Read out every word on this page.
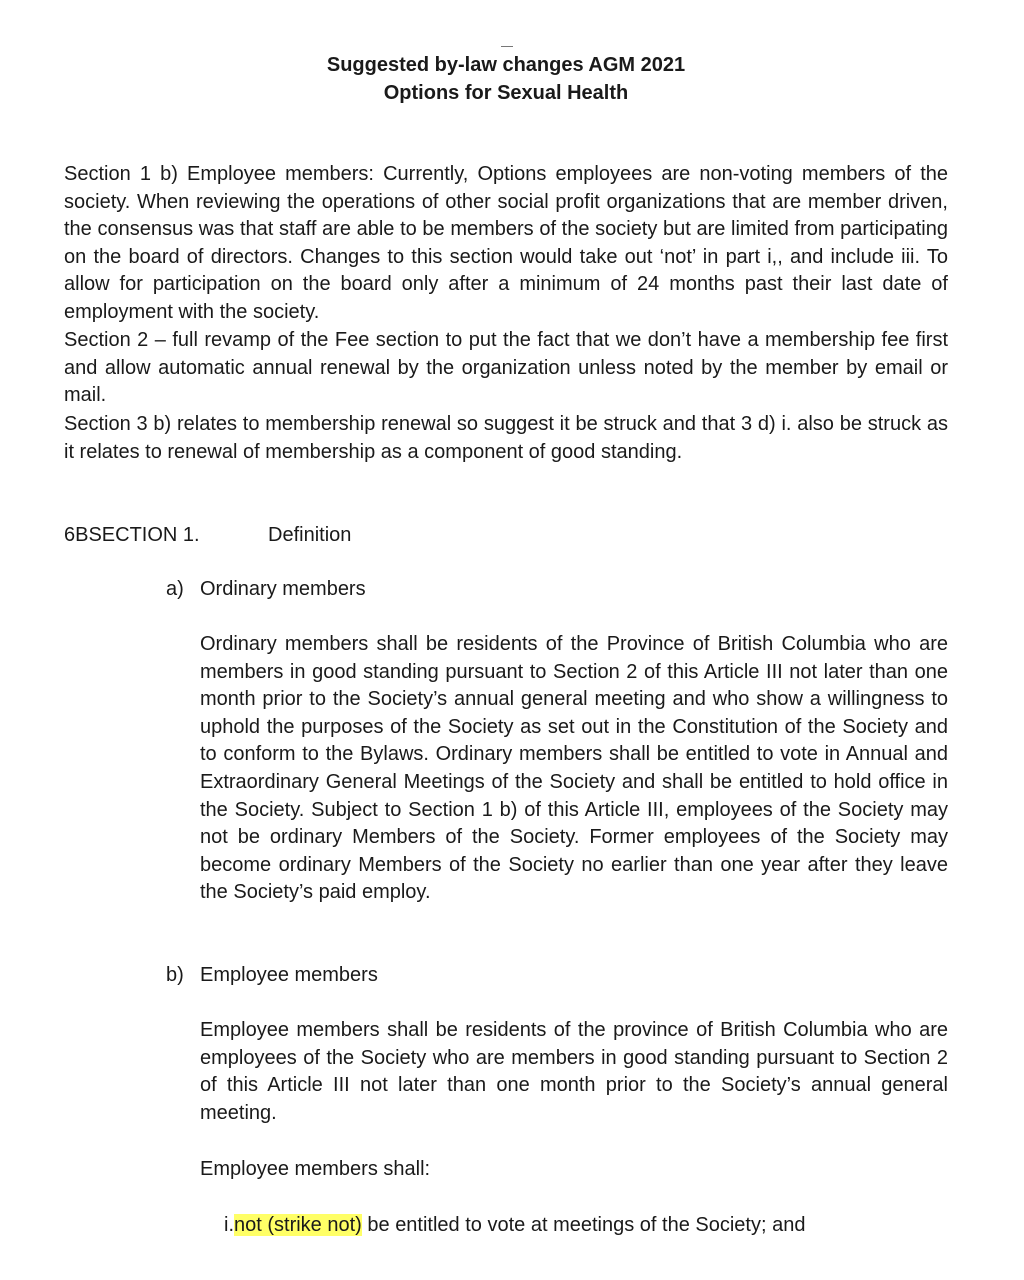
Suggested by-law changes AGM 2021
Options for Sexual Health

Section 1 b) Employee members: Currently, Options employees are non-voting members of the society. When reviewing the operations of other social profit organizations that are member driven, the consensus was that staff are able to be members of the society but are limited from participating on the board of directors. Changes to this section would take out ‘not’ in part i,, and include iii. To allow for participation on the board only after a minimum of 24 months past their last date of employment with the society.

Section 2 – full revamp of the Fee section to put the fact that we don’t have a membership fee first and allow automatic annual renewal by the organization unless noted by the member by email or mail.

Section 3 b) relates to membership renewal so suggest it be struck and that 3 d) i. also be struck as it relates to renewal of membership as a component of good standing.

6BSECTION 1.	Definition
a) Ordinary members

Ordinary members shall be residents of the Province of British Columbia who are members in good standing pursuant to Section 2 of this Article III not later than one month prior to the Society’s annual general meeting and who show a willingness to uphold the purposes of the Society as set out in the Constitution of the Society and to conform to the Bylaws. Ordinary members shall be entitled to vote in Annual and Extraordinary General Meetings of the Society and shall be entitled to hold office in the Society. Subject to Section 1 b) of this Article III, employees of the Society may not be ordinary Members of the Society. Former employees of the Society may become ordinary Members of the Society no earlier than one year after they leave the Society’s paid employ.

b) Employee members

Employee members shall be residents of the province of British Columbia who are employees of the Society who are members in good standing pursuant to Section 2 of this Article III not later than one month prior to the Society’s annual general meeting.

Employee members shall:
i.not (strike not) be entitled to vote at meetings of the Society; and
